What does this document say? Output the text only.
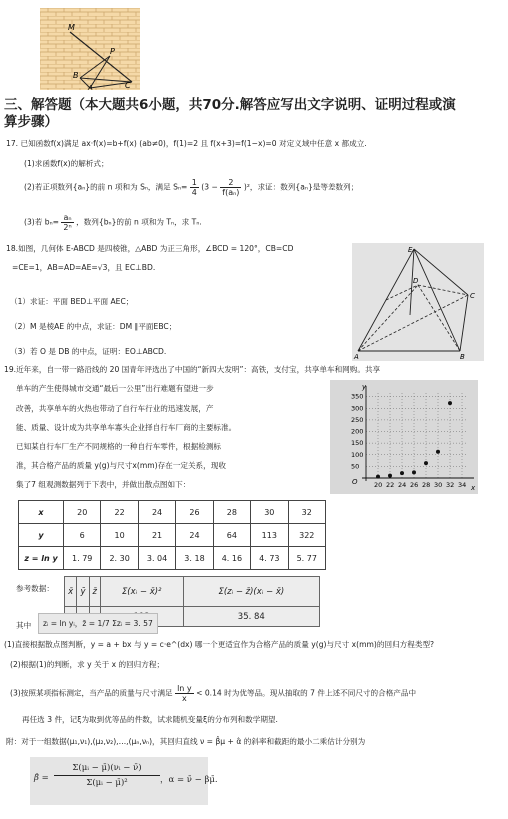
M
P
B
C
A
三、解答题（本大题共6小题，共70分.解答应写出文字说明、证明过程或演
算步骤）
17. 已知函数f(x)满足 ax·f(x)=b+f(x) (ab≠0)，f(1)=2 且 f(x+3)=f(1−x)=0 对定义域中任意 x 都成立.
(1)求函数f(x)的解析式；
(2)若正项数列{aₙ}的前 n 项和为 Sₙ，满足 $S_n= \frac{1}{4} (3 - \frac{2}{\text{f(aₙ)}} )^2$，求证：数列{aₙ}是等差数列；
(3)若 $b_n= \frac{\text{aₙ}}{\text{2ⁿ}}$ ，数列{bₙ}的前 n 项和为 Tₙ，求 Tₙ.
18.如图，几何体 E-ABCD 是四棱锥，△ABD 为正三角形，∠BCD = 120°，CB=CD
=CE=1，AB=AD=AE=√3，且 EC⊥BD.
（1）求证：平面 BED⊥平面 AEC；
（2）M 是棱AE 的中点，求证：DM ∥平面EBC；
（3）若 O 是 DB 的中点，证明：EO⊥ABCD.
E
D
C
A	B
19.近年来，自一带一路沿线的 20 国青年评选出了中国的“新四大发明”：高铁，支付宝，共享单车和网购。共享
单车的产生使得城市交通“最后一公里”出行难题有望进一步
改善，共享单车的火热也带动了自行车行业的迅速发展，产
能、质量、设计成为共享单车寡头企业择自行车厂商的主要标准。
已知某自行车厂生产不同规格的一种自行车零件，根据检测标
准，其合格产品的质量 y(g)与尺寸x(mm)存在一定关系，现收
集了7 组观测数据列于下表中，并做出散点图如下：	20 22 24 26 28 30 32 34
50
100
150
200
250
300
350
y
x
O
x	20	22	24	26	28	30	32
y	6	10	21	24	64	113	322
z = ln y	1. 79	2. 30	3. 04	3. 18	4. 16	4. 73	5. 77
参考数据： x̄	ȳ	z̄	Σ(xᵢ − x̄)²	Σ(zᵢ − z̄)(xᵢ − x̄)
				35. 84
其中	zᵢ = ln yᵢ，z̄ = 1/7 Σzᵢ = 3. 57
(1)直接根据散点图判断，y = a + bx 与 y = c·e^(dx) 哪一个更适宜作为合格产品的质量 y(g)与尺寸 x(mm)的回归方程类型?
(2)根据(1)的判断，求 y 关于 x 的回归方程；
(3)按照某项指标测定，当产品的质量与尺寸满足 $\frac{\text{ln y}}{x} < 0.14$ 时为优等品。现从抽取的 7 件上述不同尺寸的合格产品中
再任选 3 件，记ξ为取到优等品的件数，试求随机变量ξ的分布列和数学期望.
附：对于一组数据(μ₁,ν₁),(μ₂,ν₂),…,(μₙ,νₙ)，其回归直线 ν = β̂μ + α̂ 的斜率和截距的最小二乘估计分别为
β̂ = $\frac{\text{Σ(μᵢ − μ̄)(νᵢ − ν̄)}}{\text{Σ(μᵢ − μ̄)²}}$ ，α = ν̄ − βμ̄.
